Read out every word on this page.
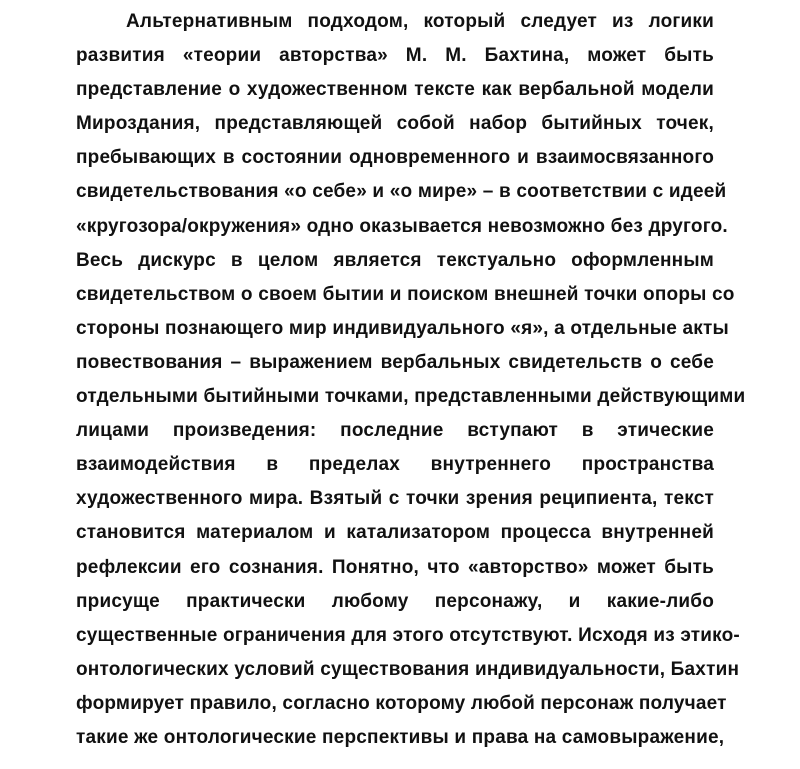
Альтернативным подходом, который следует из логики
развития «теории авторства» М. М. Бахтина, может быть
представление о художественном тексте как вербальной модели
Мироздания, представляющей собой набор бытийных точек,
пребывающих в состоянии одновременного и взаимосвязанного
свидетельствования «о себе» и «о мире» – в соответствии с идеей
«кругозора/окружения» одно оказывается невозможно без другого.
Весь дискурс в целом является текстуально оформленным
свидетельством о своем бытии и поиском внешней точки опоры со
стороны познающего мир индивидуального «я», а отдельные акты
повествования – выражением вербальных свидетельств о себе
отдельными бытийными точками, представленными действующими
лицами произведения: последние вступают в этические
взаимодействия в пределах внутреннего пространства
художественного мира. Взятый с точки зрения реципиента, текст
становится материалом и катализатором процесса внутренней
рефлексии его сознания. Понятно, что «авторство» может быть
присуще практически любому персонажу, и какие-либо
существенные ограничения для этого отсутствуют. Исходя из этико-
онтологических условий существования индивидуальности, Бахтин
формирует правило, согласно которому любой персонаж получает
такие же онтологические перспективы и права на самовыражение,
